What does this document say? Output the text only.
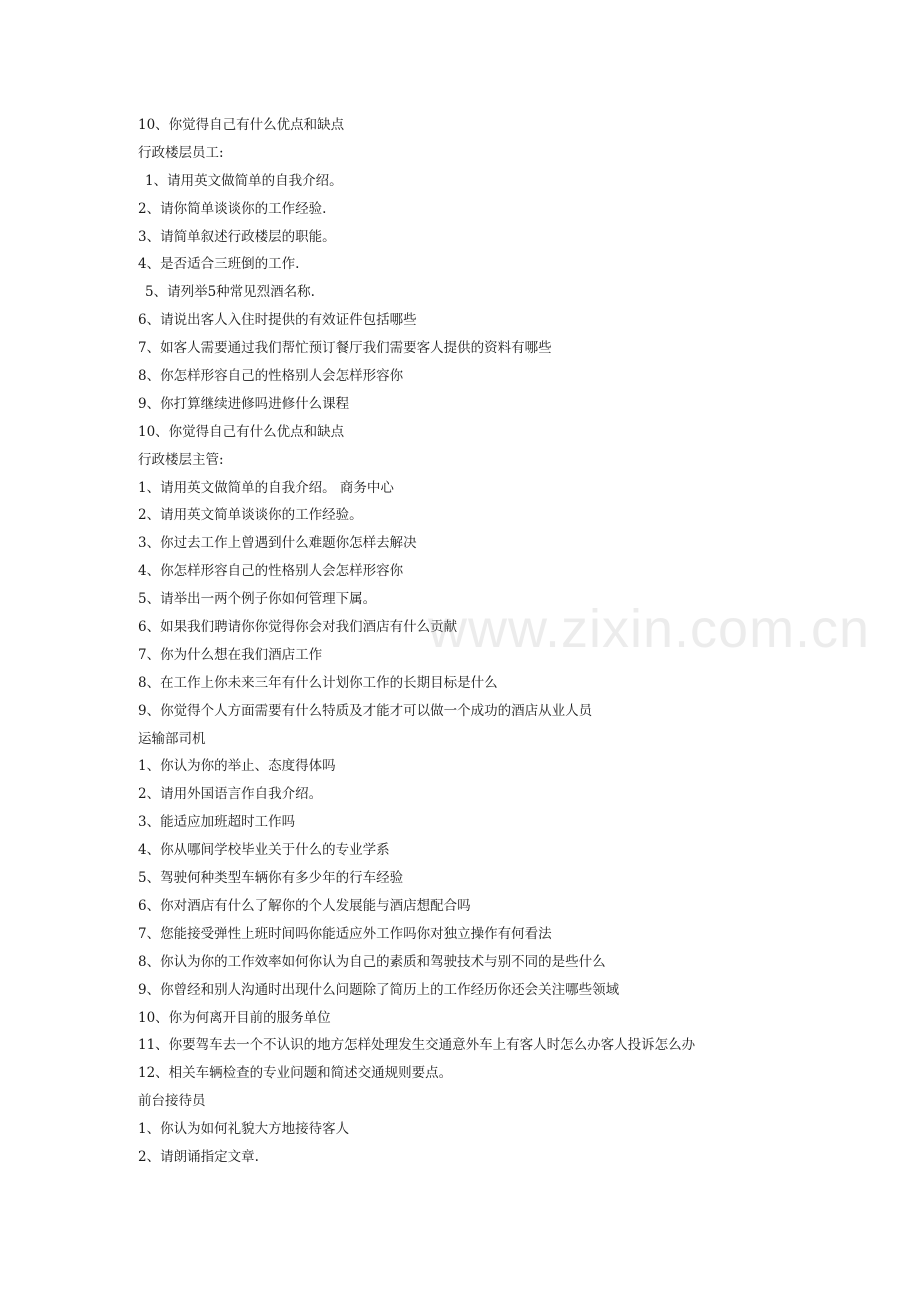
10、你觉得自己有什么优点和缺点
行政楼层员工:
1、请用英文做简单的自我介绍。
2、请你简单谈谈你的工作经验.
3、请简单叙述行政楼层的职能。
4、是否适合三班倒的工作.
5、请列举5种常见烈酒名称.
6、请说出客人入住时提供的有效证件包括哪些
7、如客人需要通过我们帮忙预订餐厅我们需要客人提供的资料有哪些
8、你怎样形容自己的性格别人会怎样形容你
9、你打算继续进修吗进修什么课程
10、你觉得自己有什么优点和缺点
行政楼层主管:
1、请用英文做简单的自我介绍。 商务中心
2、请用英文简单谈谈你的工作经验。
3、你过去工作上曾遇到什么难题你怎样去解决
4、你怎样形容自己的性格别人会怎样形容你
5、请举出一两个例子你如何管理下属。
6、如果我们聘请你你觉得你会对我们酒店有什么贡献
7、你为什么想在我们酒店工作
8、在工作上你未来三年有什么计划你工作的长期目标是什么
9、你觉得个人方面需要有什么特质及才能才可以做一个成功的酒店从业人员
运输部司机
1、你认为你的举止、态度得体吗
2、请用外国语言作自我介绍。
3、能适应加班超时工作吗
4、你从哪间学校毕业关于什么的专业学系
5、驾驶何种类型车辆你有多少年的行车经验
6、你对酒店有什么了解你的个人发展能与酒店想配合吗
7、您能接受弹性上班时间吗你能适应外工作吗你对独立操作有何看法
8、你认为你的工作效率如何你认为自己的素质和驾驶技术与别不同的是些什么
9、你曾经和别人沟通时出现什么问题除了简历上的工作经历你还会关注哪些领域
10、你为何离开目前的服务单位
11、你要驾车去一个不认识的地方怎样处理发生交通意外车上有客人时怎么办客人投诉怎么办
12、相关车辆检查的专业问题和简述交通规则要点。
前台接待员
1、你认为如何礼貌大方地接待客人
2、请朗诵指定文章.
www.zixin.com.cn
